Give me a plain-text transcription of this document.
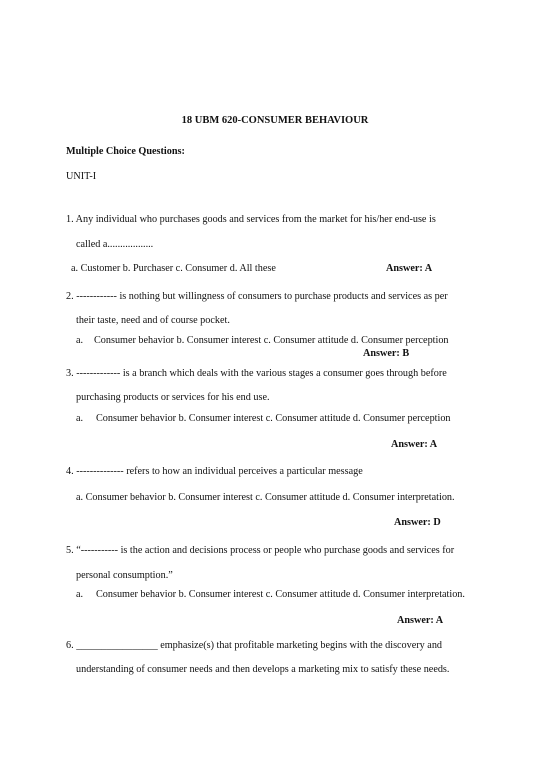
18 UBM 620-CONSUMER BEHAVIOUR
Multiple Choice Questions:
UNIT-I
1. Any individual who purchases goods and services from the market for his/her end-use is
called a..................
a. Customer b. Purchaser c. Consumer d. All these	Answer: A
2. ------------ is nothing but willingness of consumers to purchase products and services as per
their taste, need and of course pocket.
a. Consumer behavior b. Consumer interest c. Consumer attitude d. Consumer perception
Answer: B
3. ------------- is a branch which deals with the various stages a consumer goes through before
purchasing products or services for his end use.
a. Consumer behavior b. Consumer interest c. Consumer attitude d. Consumer perception
Answer: A
4. -------------- refers to how an individual perceives a particular message
a. Consumer behavior b. Consumer interest c. Consumer attitude d. Consumer interpretation.
Answer: D
5. “----------- is the action and decisions process or people who purchase goods and services for
personal consumption.”
a. Consumer behavior b. Consumer interest c. Consumer attitude d. Consumer interpretation.
Answer: A
6. ________________ emphasize(s) that profitable marketing begins with the discovery and
understanding of consumer needs and then develops a marketing mix to satisfy these needs.
